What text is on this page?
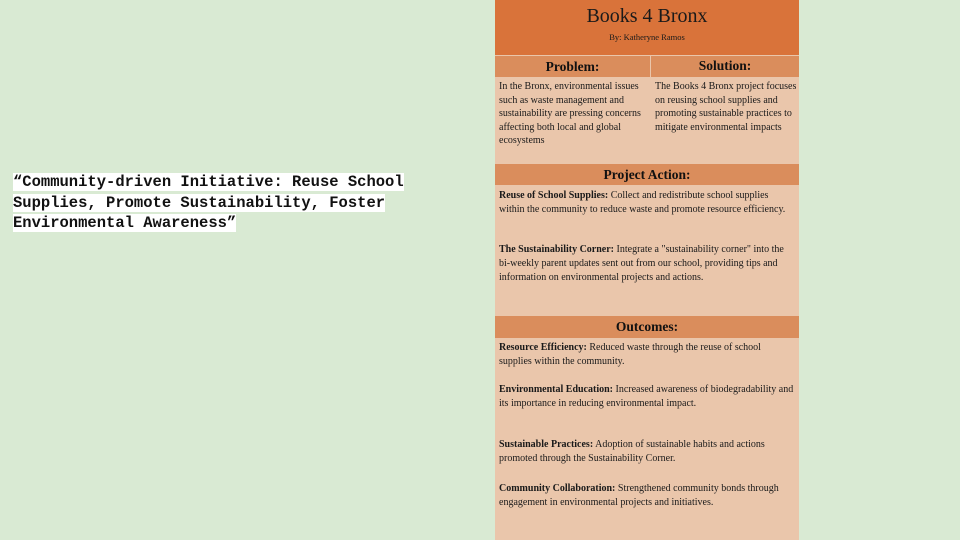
“Community-driven Initiative: Reuse School
Supplies, Promote Sustainability, Foster
Environmental Awareness”
Books 4 Bronx
By: Katheryne Ramos
Problem:	Solution:
In the Bronx, environmental issues such as waste management and sustainability are pressing concerns affecting both local and global ecosystems
The Books 4 Bronx project focuses on reusing school supplies and promoting sustainable practices to mitigate environmental impacts
Project Action:
Reuse of School Supplies: Collect and redistribute school supplies within the community to reduce waste and promote resource efficiency.
The Sustainability Corner: Integrate a "sustainability corner" into the bi-weekly parent updates sent out from our school, providing tips and information on environmental projects and actions.
Outcomes:
Resource Efficiency: Reduced waste through the reuse of school supplies within the community.
Environmental Education: Increased awareness of biodegradability and its importance in reducing environmental impact.
Sustainable Practices: Adoption of sustainable habits and actions promoted through the Sustainability Corner.
Community Collaboration: Strengthened community bonds through engagement in environmental projects and initiatives.
